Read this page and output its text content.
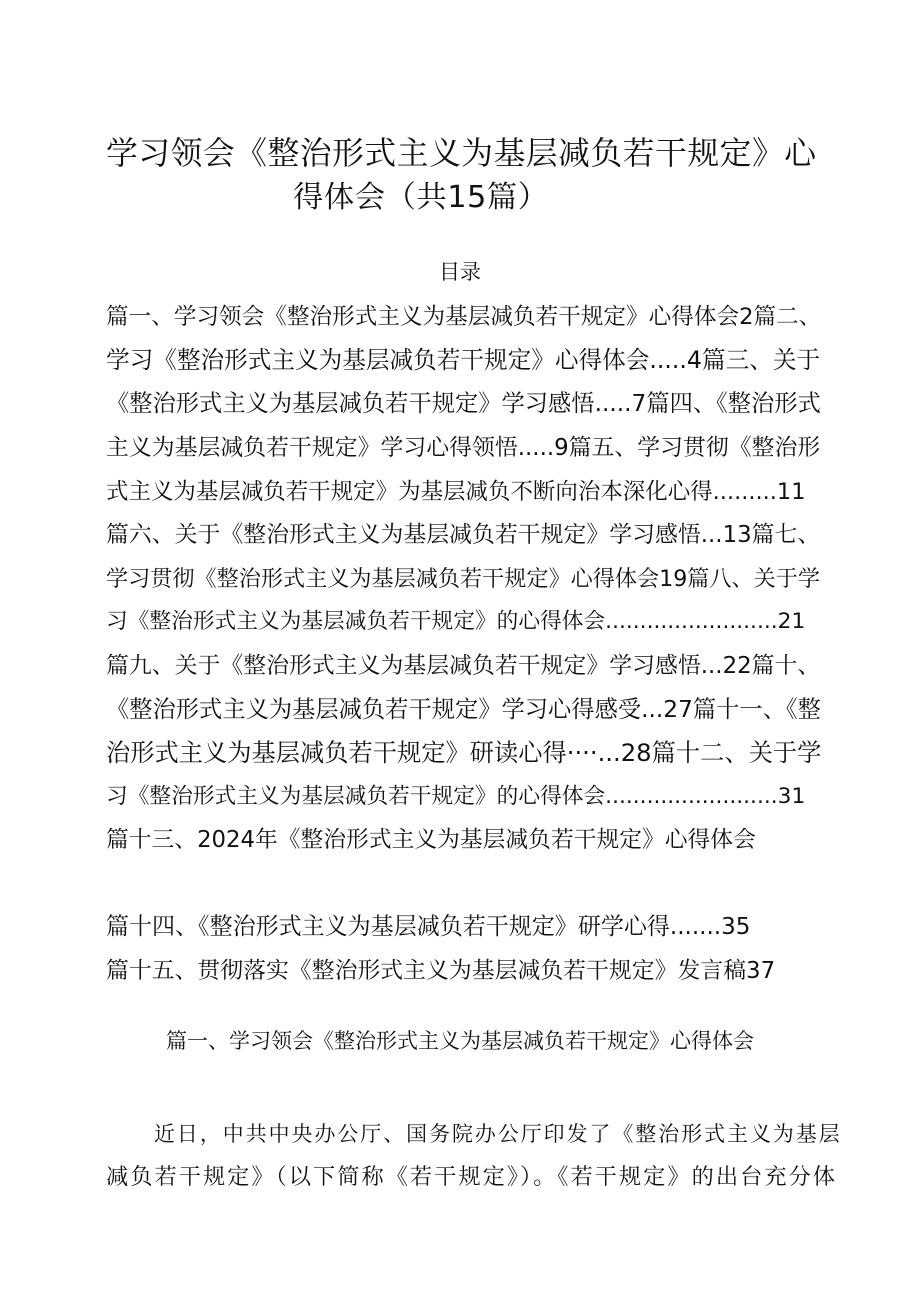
学习领会《整治形式主义为基层减负若干规定》心
得体会（共15篇）
目录
篇一、学习领会《整治形式主义为基层减负若干规定》心得体会2篇二、
学习《整治形式主义为基层减负若干规定》心得体会.....4篇三、关于
《整治形式主义为基层减负若干规定》学习感悟.....7篇四、《整治形式
主义为基层减负若干规定》学习心得领悟.....9篇五、学习贯彻《整治形
式主义为基层减负若干规定》为基层减负不断向治本深化心得.........11
篇六、关于《整治形式主义为基层减负若干规定》学习感悟...13篇七、
学习贯彻《整治形式主义为基层减负若干规定》心得体会19篇八、关于学
习《整治形式主义为基层减负若干规定》的心得体会.........................21
篇九、关于《整治形式主义为基层减负若干规定》学习感悟...22篇十、
《整治形式主义为基层减负若干规定》学习心得感受...27篇十一、《整
治形式主义为基层减负若干规定》研读心得····...28篇十二、关于学
习《整治形式主义为基层减负若干规定》的心得体会.........................31
篇十三、2024年《整治形式主义为基层减负若干规定》心得体会
篇十四、《整治形式主义为基层减负若干规定》研学心得.......35
篇十五、贯彻落实《整治形式主义为基层减负若干规定》发言稿37
篇一、学习领会《整治形式主义为基层减负若干规定》心得体会
近日，中共中央办公厅、国务院办公厅印发了《整治形式主义为基层
减负若干规定》（以下简称《若干规定》）。《若干规定》的出台充分体
